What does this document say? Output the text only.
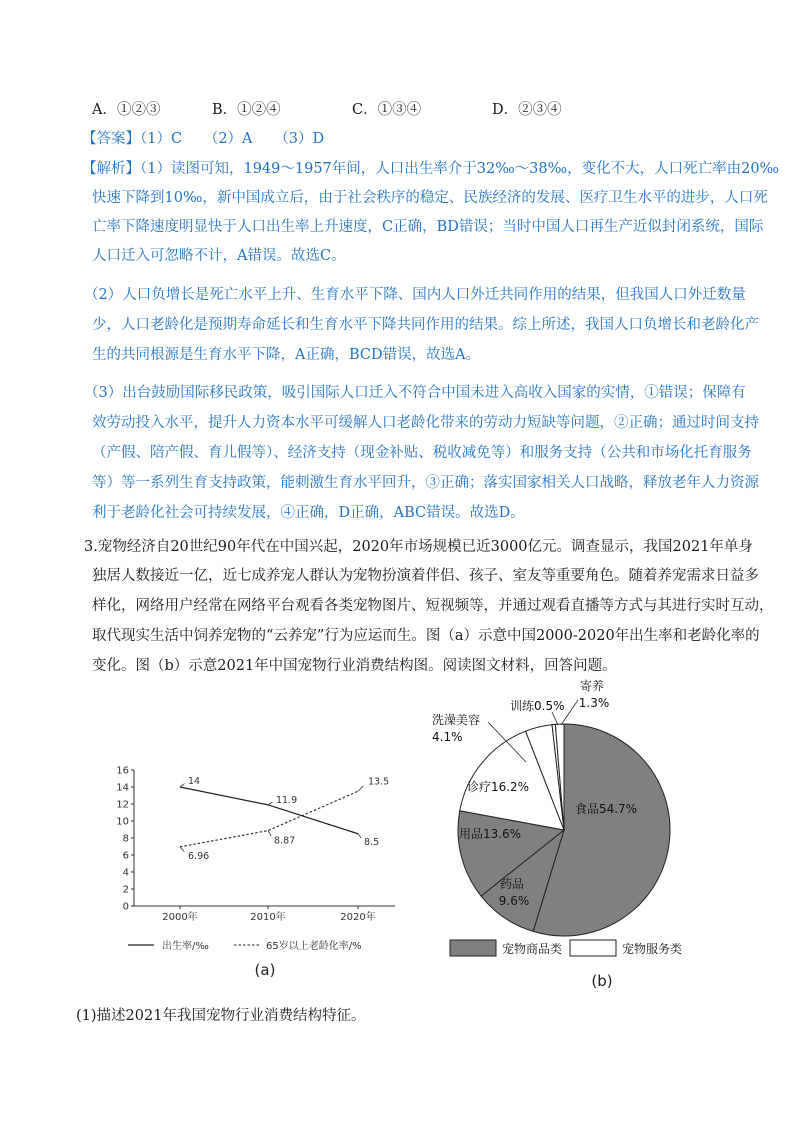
A．①②③	B．①②④	C．①③④	D．②③④
【答案】（1）C　　（2）A　　（3）D
【解析】（1）读图可知，1949～1957年间，人口出生率介于32‰～38‰，变化不大，人口死亡率由20‰
快速下降到10‰，新中国成立后，由于社会秩序的稳定、民族经济的发展、医疗卫生水平的进步，人口死
亡率下降速度明显快于人口出生率上升速度，C正确，BD错误；当时中国人口再生产近似封闭系统，国际
人口迁入可忽略不计，A错误。故选C。
（2）人口负增长是死亡水平上升、生育水平下降、国内人口外迁共同作用的结果，但我国人口外迁数量
少，人口老龄化是预期寿命延长和生育水平下降共同作用的结果。综上所述，我国人口负增长和老龄化产
生的共同根源是生育水平下降，A正确，BCD错误，故选A。
（3）出台鼓励国际移民政策，吸引国际人口迁入不符合中国未进入高收入国家的实情，①错误；保障有
效劳动投入水平，提升人力资本水平可缓解人口老龄化带来的劳动力短缺等问题，②正确；通过时间支持
（产假、陪产假、育儿假等）、经济支持（现金补贴、税收减免等）和服务支持（公共和市场化托育服务
等）等一系列生育支持政策，能刺激生育水平回升，③正确；落实国家相关人口战略，释放老年人力资源
利于老龄化社会可持续发展，④正确，D正确，ABC错误。故选D。
3.宠物经济自20世纪90年代在中国兴起，2020年市场规模已近3000亿元。调查显示，我国2021年单身
独居人数接近一亿，近七成养宠人群认为宠物扮演着伴侣、孩子、室友等重要角色。随着养宠需求日益多
样化，网络用户经常在网络平台观看各类宠物图片、短视频等，并通过观看直播等方式与其进行实时互动，
取代现实生活中饲养宠物的“云养宠”行为应运而生。图（a）示意中国2000-2020年出生率和老龄化率的
变化。图（b）示意2021年中国宠物行业消费结构图。阅读图文材料，回答问题。
0
2
4
6
8
10
12
14
16
2000年	2010年	2020年
14
11.9
8.5
6.96
8.87
13.5
出生率/‰	65岁以上老龄化率/%
(a)
食品54.7%
药品
9.6%
用品13.6%
诊疗16.2%
洗澡美容
4.1%
训练0.5%
寄养
1.3%
宠物商品类	宠物服务类
(b)
(1)描述2021年我国宠物行业消费结构特征。
